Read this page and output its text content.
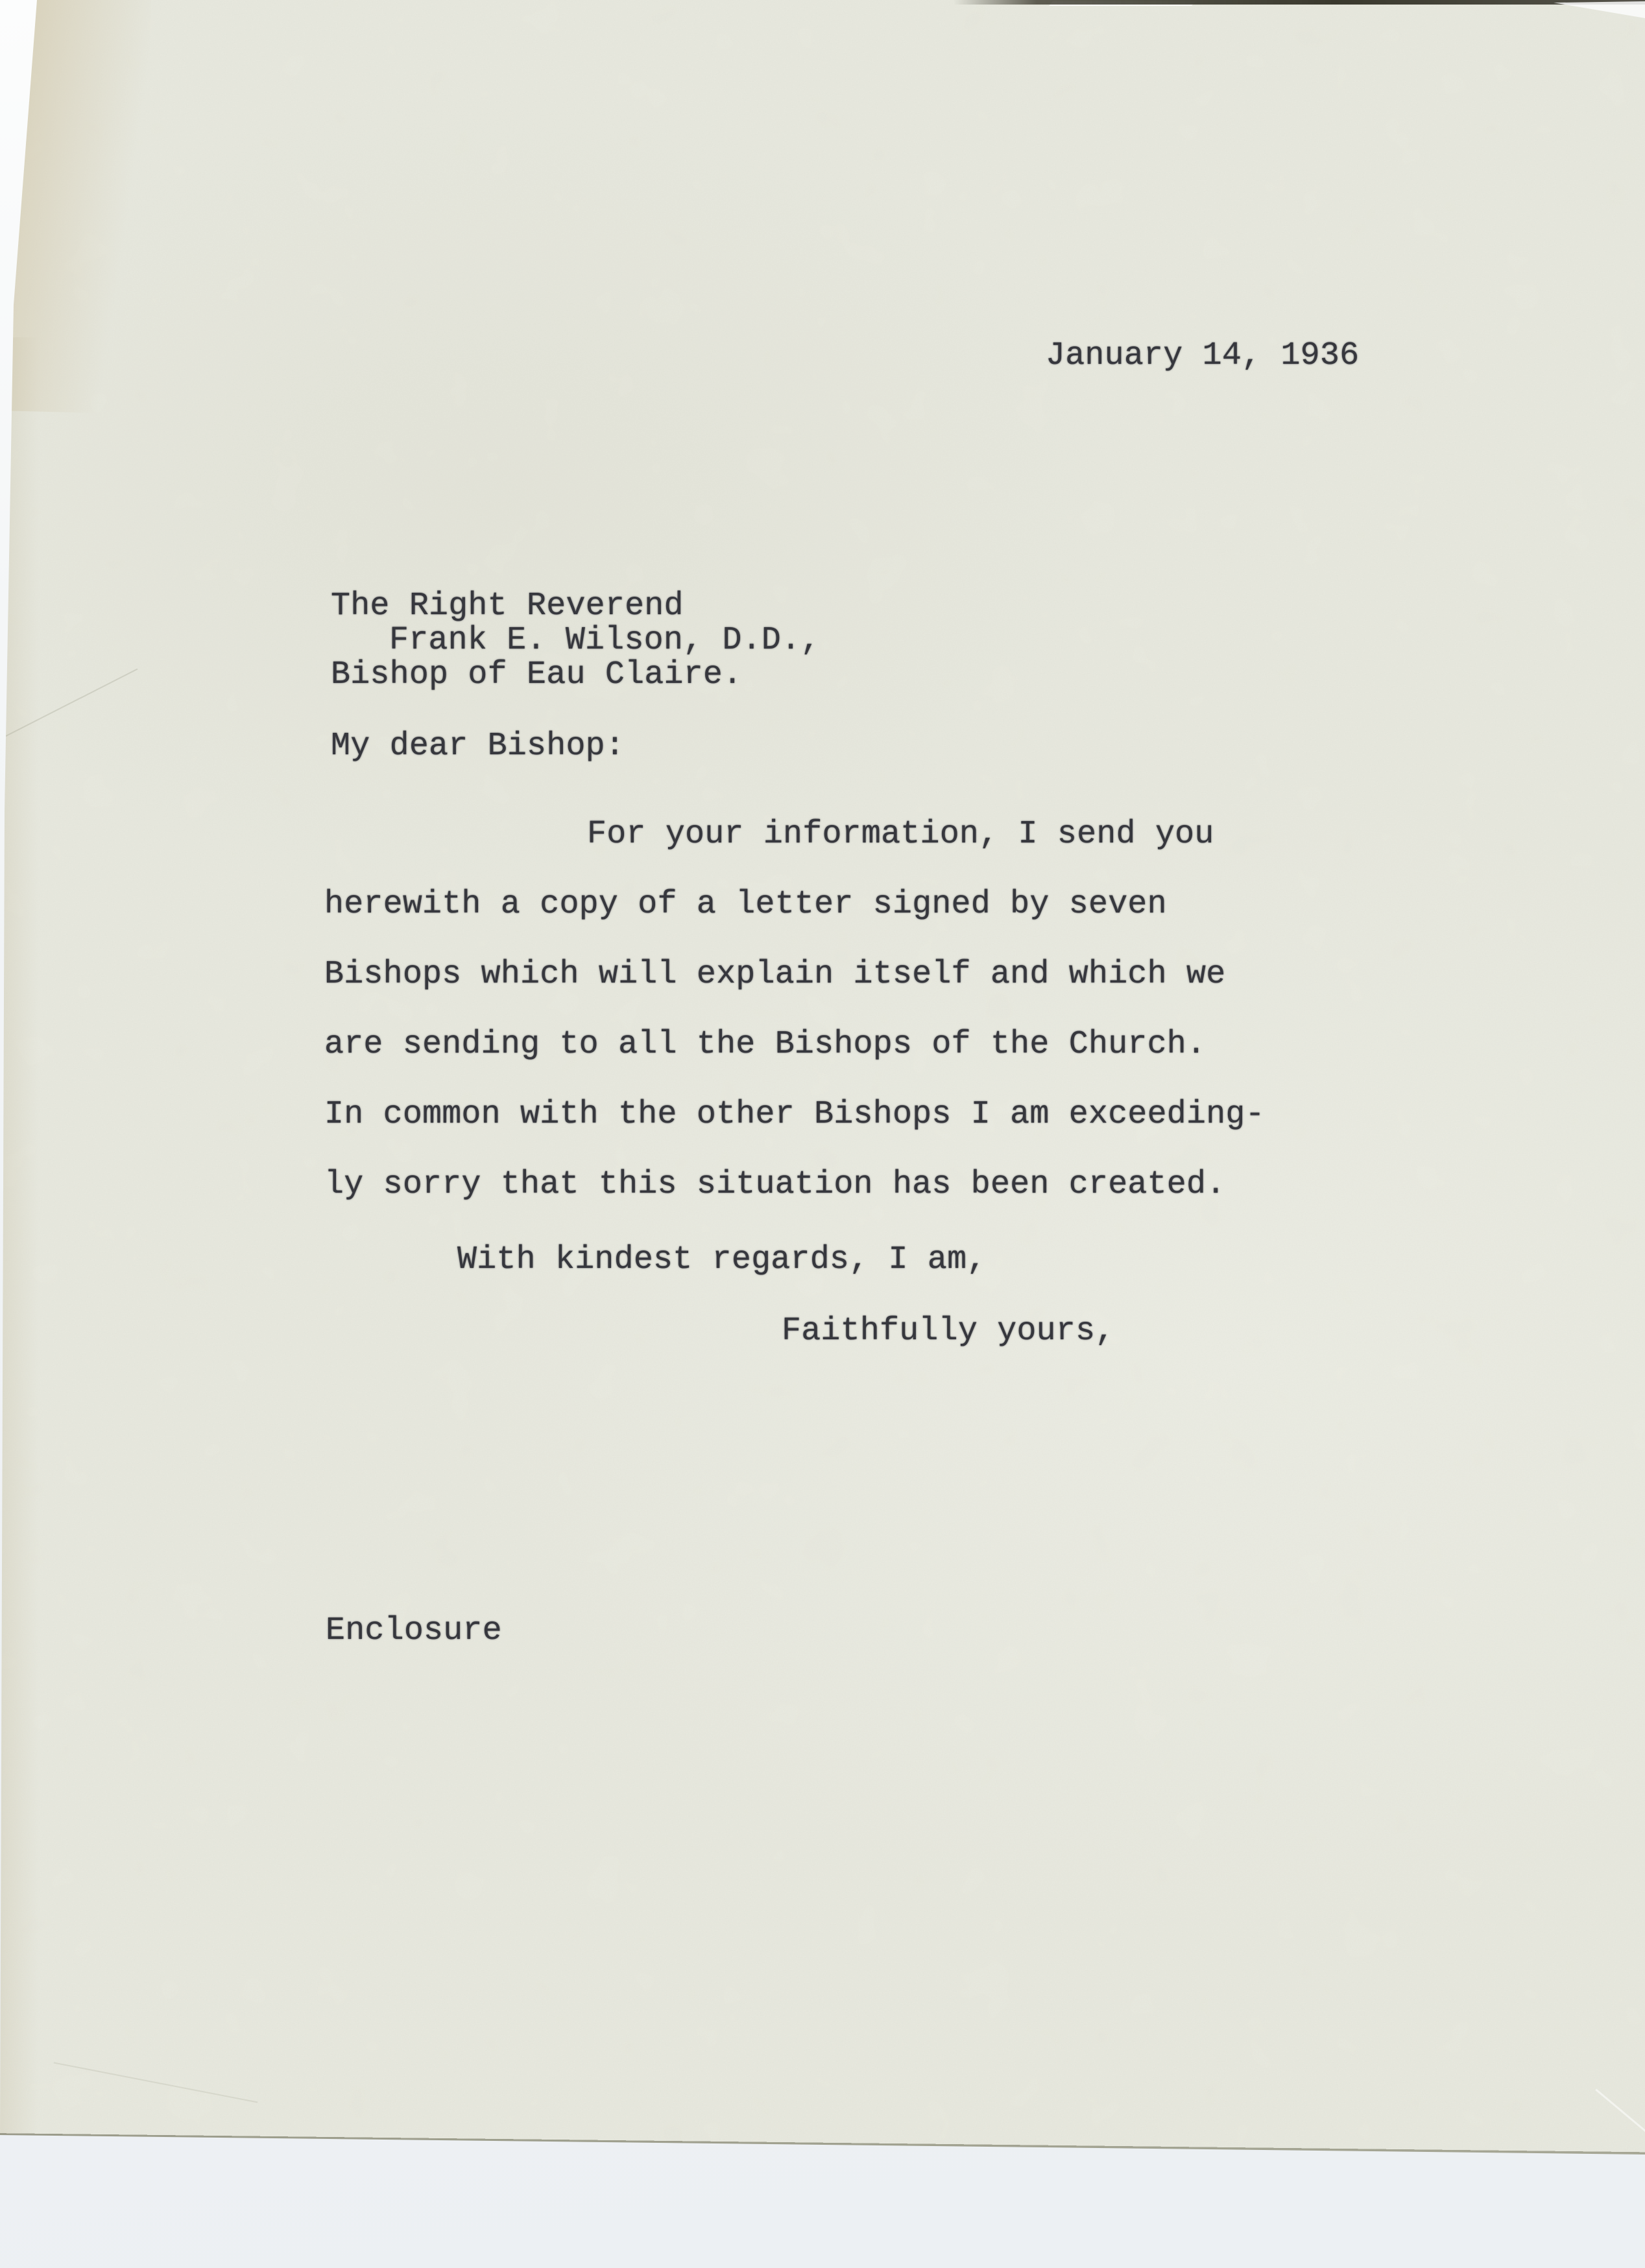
January 14, 1936
The Right Reverend
Frank E. Wilson, D.D.,
Bishop of Eau Claire.
My dear Bishop:
For your information, I send you
herewith a copy of a letter signed by seven
Bishops which will explain itself and which we
are sending to all the Bishops of the Church.
In common with the other Bishops I am exceeding-
ly sorry that this situation has been created.
With kindest regards, I am,
Faithfully yours,
Enclosure
